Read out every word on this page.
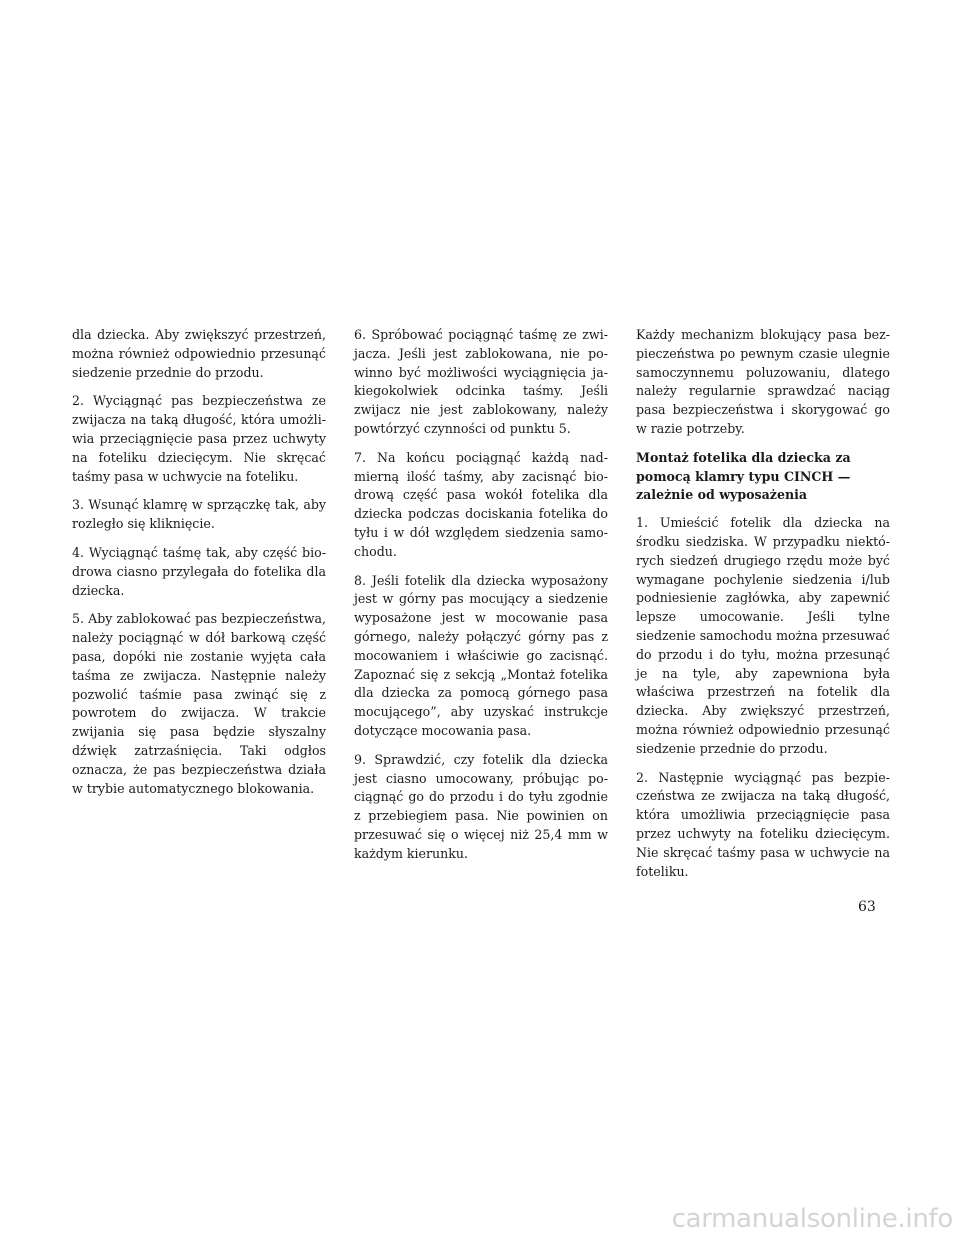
dla dziecka. Aby zwiększyć przestrzeń, można również odpowiednio przesunąć siedzenie przednie do przodu.

2. Wyciągnąć pas bezpieczeństwa ze zwijacza na taką długość, która umożliwia przeciągnięcie pasa przez uchwyty na foteliku dziecięcym. Nie skręcać taśmy pasa w uchwycie na foteliku.

3. Wsunąć klamrę w sprzączkę tak, aby rozległo się kliknięcie.

4. Wyciągnąć taśmę tak, aby część biodrowa ciasno przylegała do fotelika dla dziecka.

5. Aby zablokować pas bezpieczeństwa, należy pociągnąć w dół barkową część pasa, dopóki nie zostanie wyjęta cała taśma ze zwijacza. Następnie należy pozwolić taśmie pasa zwinąć się z powrotem do zwijacza. W trakcie zwijania się pasa będzie słyszalny dźwięk zatrzaśnięcia. Taki odgłos oznacza, że pas bezpieczeństwa działa w trybie automatycznego blokowania.

6. Spróbować pociągnąć taśmę ze zwijacza. Jeśli jest zablokowana, nie powinno być możliwości wyciągnięcia jakiegokolwiek odcinka taśmy. Jeśli zwijacz nie jest zablokowany, należy powtórzyć czynności od punktu 5.

7. Na końcu pociągnąć każdą nadmierną ilość taśmy, aby zacisnąć biodrową część pasa wokół fotelika dla dziecka podczas dociskania fotelika do tyłu i w dół względem siedzenia samochodu.

8. Jeśli fotelik dla dziecka wyposażony jest w górny pas mocujący a siedzenie wyposażone jest w mocowanie pasa górnego, należy połączyć górny pas z mocowaniem i właściwie go zacisnąć. Zapoznać się z sekcją „Montaż fotelika dla dziecka za pomocą górnego pasa mocującego”, aby uzyskać instrukcje dotyczące mocowania pasa.

9. Sprawdzić, czy fotelik dla dziecka jest ciasno umocowany, próbując pociągnąć go do przodu i do tyłu zgodnie z przebiegiem pasa. Nie powinien on przesuwać się o więcej niż 25,4 mm w każdym kierunku.

Każdy mechanizm blokujący pasa bezpieczeństwa po pewnym czasie ulegnie samoczynnemu poluzowaniu, dlatego należy regularnie sprawdzać naciąg pasa bezpieczeństwa i skorygować go w razie potrzeby.

Montaż fotelika dla dziecka za pomocą klamry typu CINCH — zależnie od wyposażenia

1. Umieścić fotelik dla dziecka na środku siedziska. W przypadku niektórych siedzeń drugiego rzędu może być wymagane pochylenie siedzenia i/lub podniesienie zagłówka, aby zapewnić lepsze umocowanie. Jeśli tylne siedzenie samochodu można przesuwać do przodu i do tyłu, można przesunąć je na tyle, aby zapewniona była właściwa przestrzeń na fotelik dla dziecka. Aby zwiększyć przestrzeń, można również odpowiednio przesunąć siedzenie przednie do przodu.

2. Następnie wyciągnąć pas bezpieczeństwa ze zwijacza na taką długość, która umożliwia przeciągnięcie pasa przez uchwyty na foteliku dziecięcym. Nie skręcać taśmy pasa w uchwycie na foteliku.

63
carmanualsonline.info
